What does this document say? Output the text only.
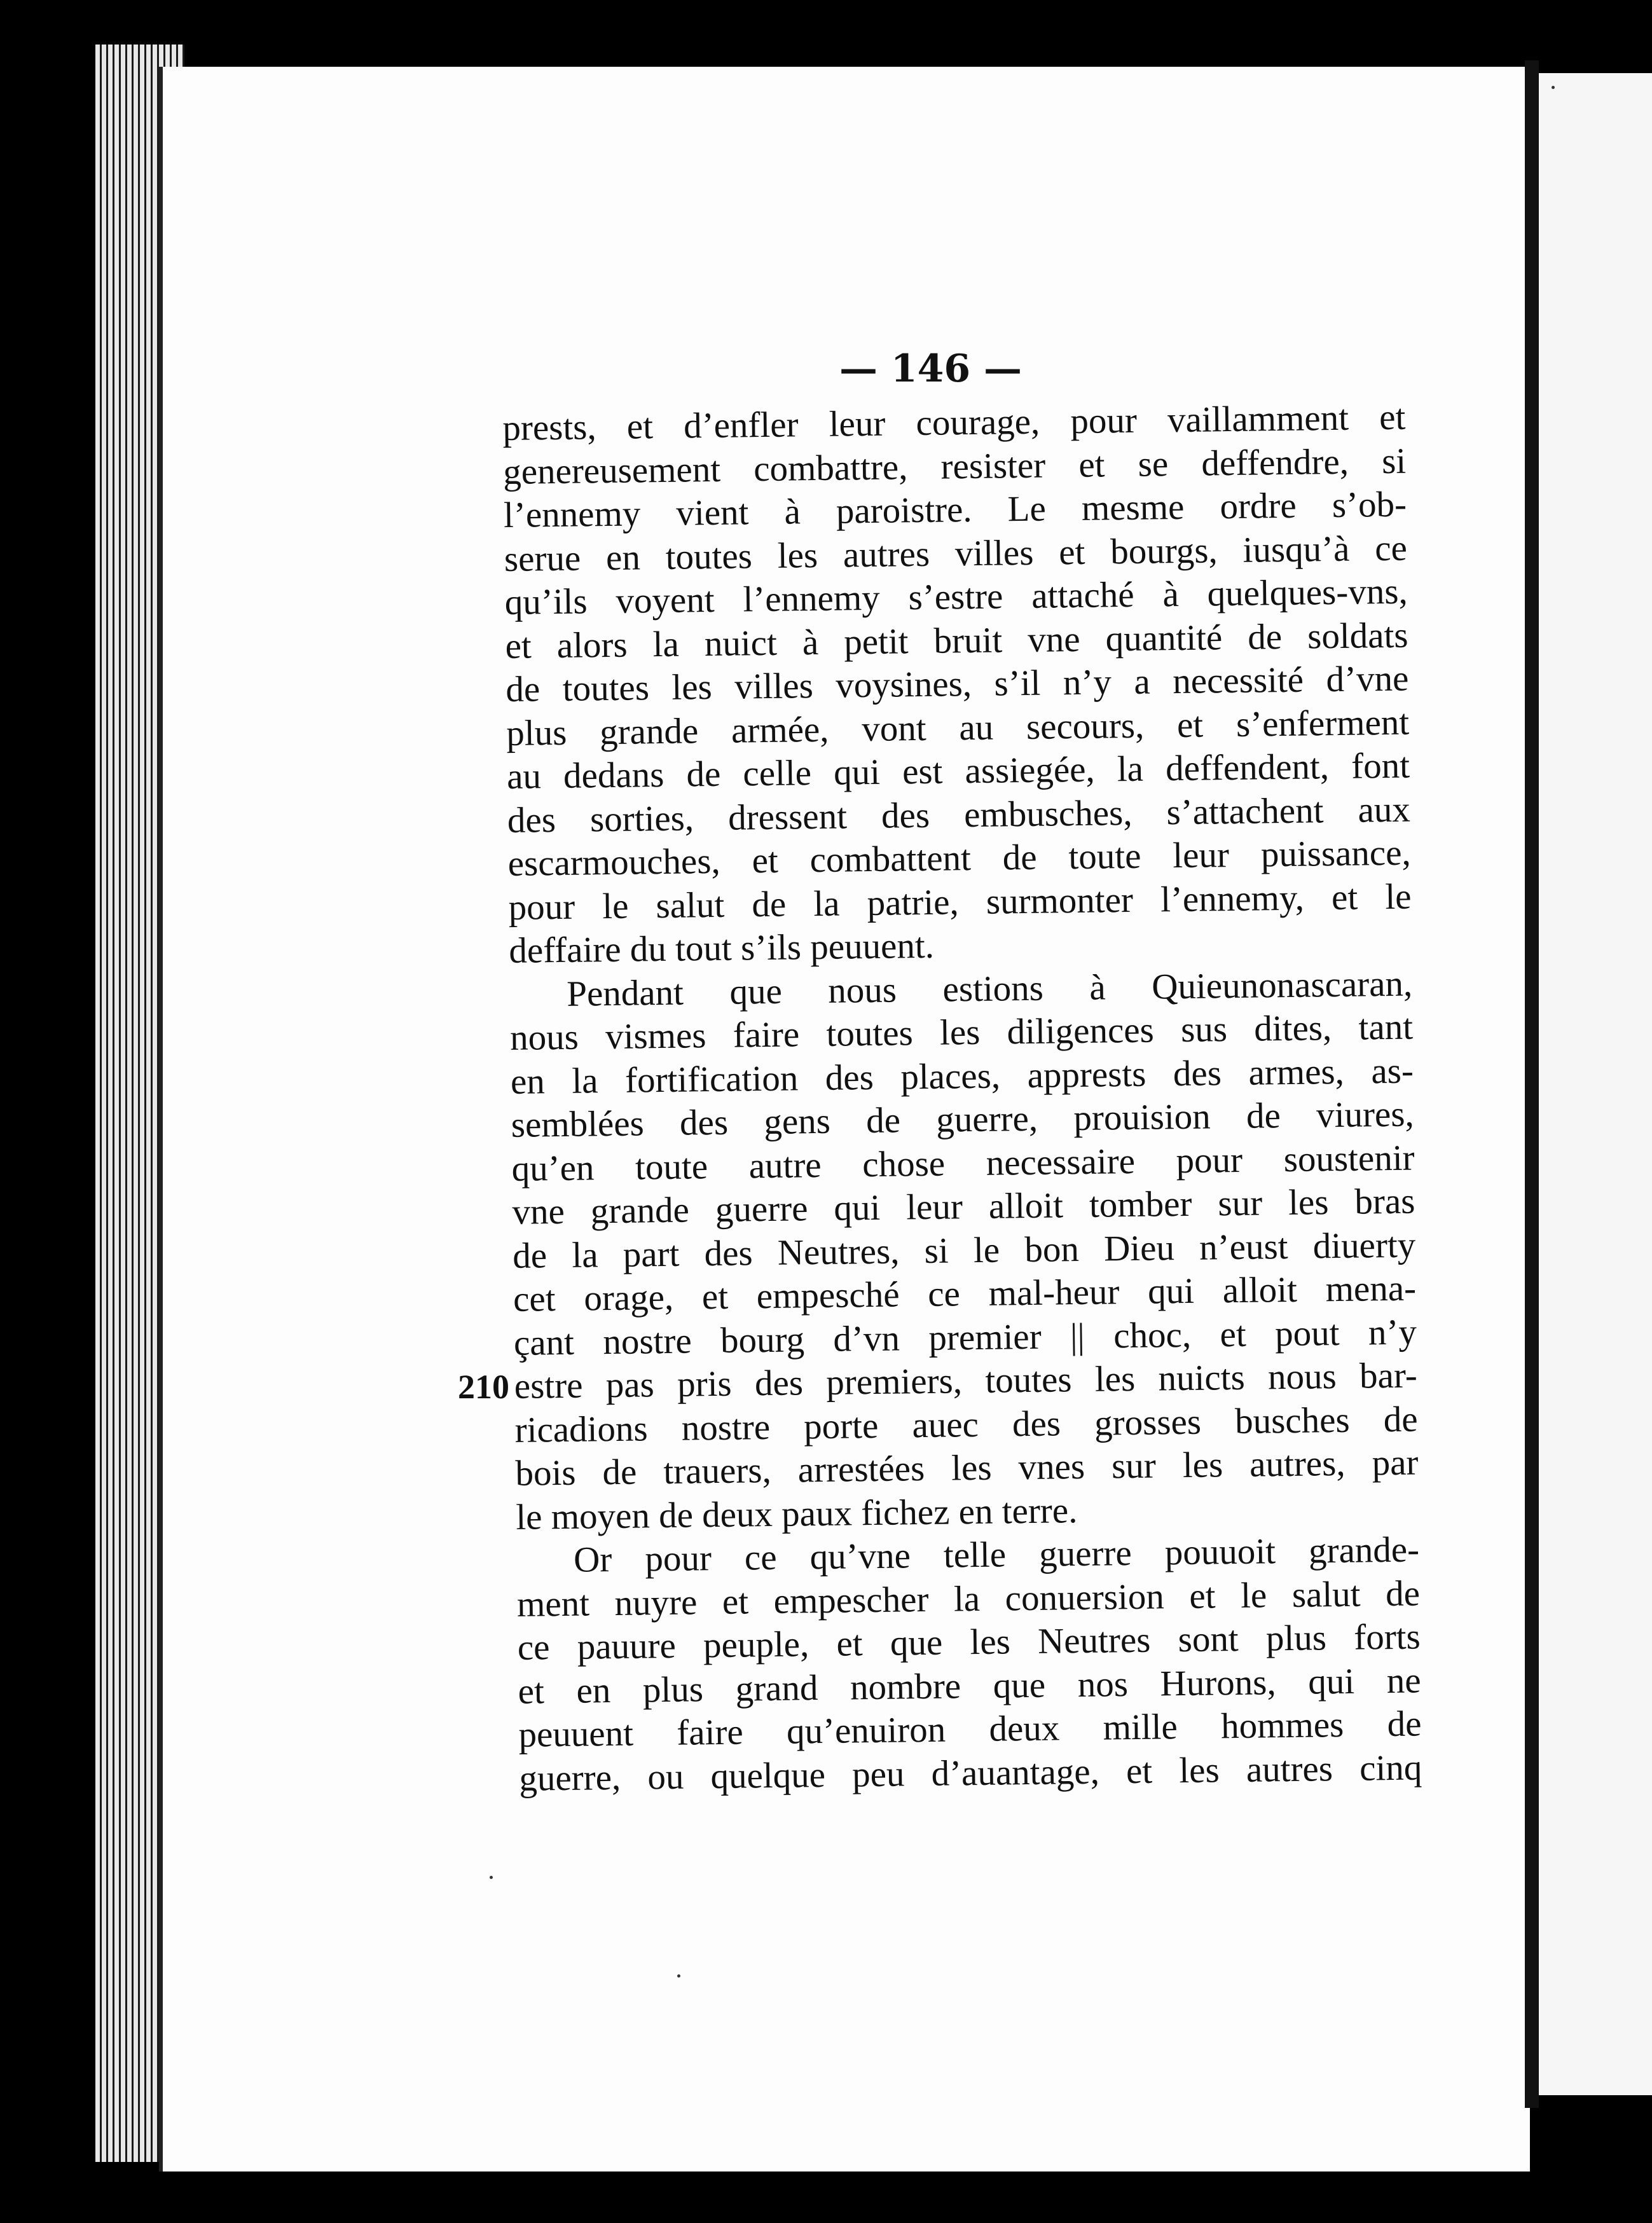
— 146 —
210
prests, et d’enfler leur courage, pour vaillamment et
genereusement combattre, resister et se deffendre, si
l’ennemy vient à paroistre. Le mesme ordre s’ob-
serue en toutes les autres villes et bourgs, iusqu’à ce
qu’ils voyent l’ennemy s’estre attaché à quelques-vns,
et alors la nuict à petit bruit vne quantité de soldats
de toutes les villes voysines, s’il n’y a necessité d’vne
plus grande armée, vont au secours, et s’enferment
au dedans de celle qui est assiegée, la deffendent, font
des sorties, dressent des embusches, s’attachent aux
escarmouches, et combattent de toute leur puissance,
pour le salut de la patrie, surmonter l’ennemy, et le
deffaire du tout s’ils peuuent.
Pendant que nous estions à Quieunonascaran,
nous vismes faire toutes les diligences sus dites, tant
en la fortification des places, apprests des armes, as-
semblées des gens de guerre, prouision de viures,
qu’en toute autre chose necessaire pour soustenir
vne grande guerre qui leur alloit tomber sur les bras
de la part des Neutres, si le bon Dieu n’eust diuerty
cet orage, et empesché ce mal-heur qui alloit mena-
çant nostre bourg d’vn premier || choc, et pout n’y
estre pas pris des premiers, toutes les nuicts nous bar-
ricadions nostre porte auec des grosses busches de
bois de trauers, arrestées les vnes sur les autres, par
le moyen de deux paux fichez en terre.
Or pour ce qu’vne telle guerre pouuoit grande-
ment nuyre et empescher la conuersion et le salut de
ce pauure peuple, et que les Neutres sont plus forts
et en plus grand nombre que nos Hurons, qui ne
peuuent faire qu’enuiron deux mille hommes de
guerre, ou quelque peu d’auantage, et les autres cinq
